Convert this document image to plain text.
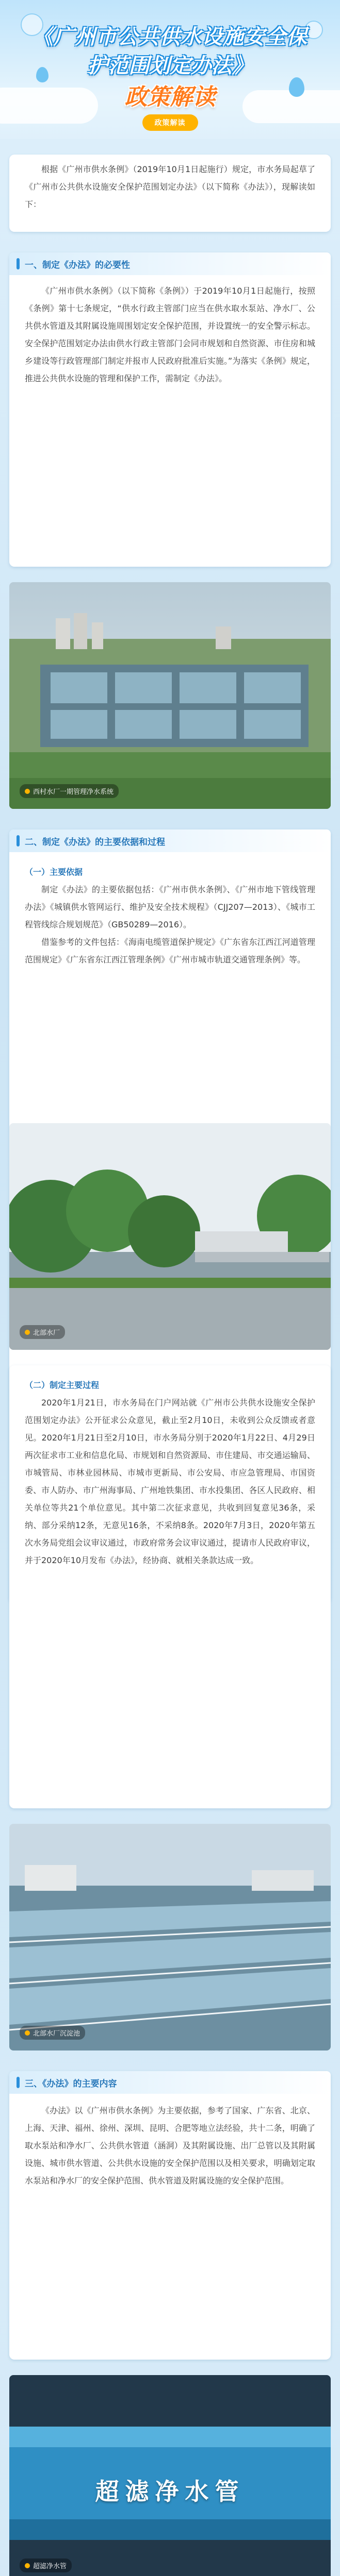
《广州市公共供水设施安全保
护范围划定办法》
政策解读
政策解读

根据《广州市供水条例》（2019年10月1日起施行）规定，市水务局起草了《广州市公共供水设施安全保护范围划定办法》（以下简称《办法》），现解读如下：

一、制定《办法》的必要性

《广州市供水条例》（以下简称《条例》）于2019年10月1日起施行，按照《条例》第十七条规定，“供水行政主管部门应当在供水取水泵站、净水厂、公共供水管道及其附属设施周围划定安全保护范围，并设置统一的安全警示标志。安全保护范围划定办法由供水行政主管部门会同市规划和自然资源、市住房和城乡建设等行政管理部门制定并报市人民政府批准后实施。”为落实《条例》规定，推进公共供水设施的管理和保护工作，需制定《办法》。

西村水厂一期管理净水系统
二、制定《办法》的主要依据和过程
（一）主要依据

制定《办法》的主要依据包括：《广州市供水条例》、《广州市地下管线管理办法》《城镇供水管网运行、维护及安全技术规程》（CJJ207—2013）、《城市工程管线综合规划规范》（GB50289—2016）。

借鉴参考的文件包括：《海南电缆管道保护规定》《广东省东江西江河道管理范围规定》《广东省东江西江管理条例》《广州市城市轨道交通管理条例》等。

北部水厂
（二）制定主要过程

2020年1月21日，市水务局在门户网站就《广州市公共供水设施安全保护范围划定办法》公开征求公众意见，截止至2月10日，未收到公众反馈或者意见。2020年1月21日至2月10日，市水务局分别于2020年1月22日、4月29日两次征求市工业和信息化局、市规划和自然资源局、市住建局、市交通运输局、市城管局、市林业园林局、市城市更新局、市公安局、市应急管理局、市国资委、市人防办、市广州海事局、广州地铁集团、市水投集团、各区人民政府、相关单位等共21个单位意见。其中第二次征求意见，共收到回复意见36条，采纳、部分采纳12条，无意见16条，不采纳8条。2020年7月3日，2020年第五次水务局党组会议审议通过，市政府常务会议审议通过，提请市人民政府审议，并于2020年10月发布《办法》，经协商、就相关条款达成一致。

北部水厂沉淀池
三、《办法》的主要内容

《办法》以《广州市供水条例》为主要依据，参考了国家、广东省、北京、上海、天津、福州、徐州、深圳、昆明、合肥等地立法经验，共十二条，明确了取水泵站和净水厂、公共供水管道（涵洞）及其附属设施、出厂总管以及其附属设施、城市供水管道、公共供水设施的安全保护范围以及相关要求，明确划定取水泵站和净水厂的安全保护范围、供水管道及附属设施的安全保护范围。

超滤净水管
超滤净水管
